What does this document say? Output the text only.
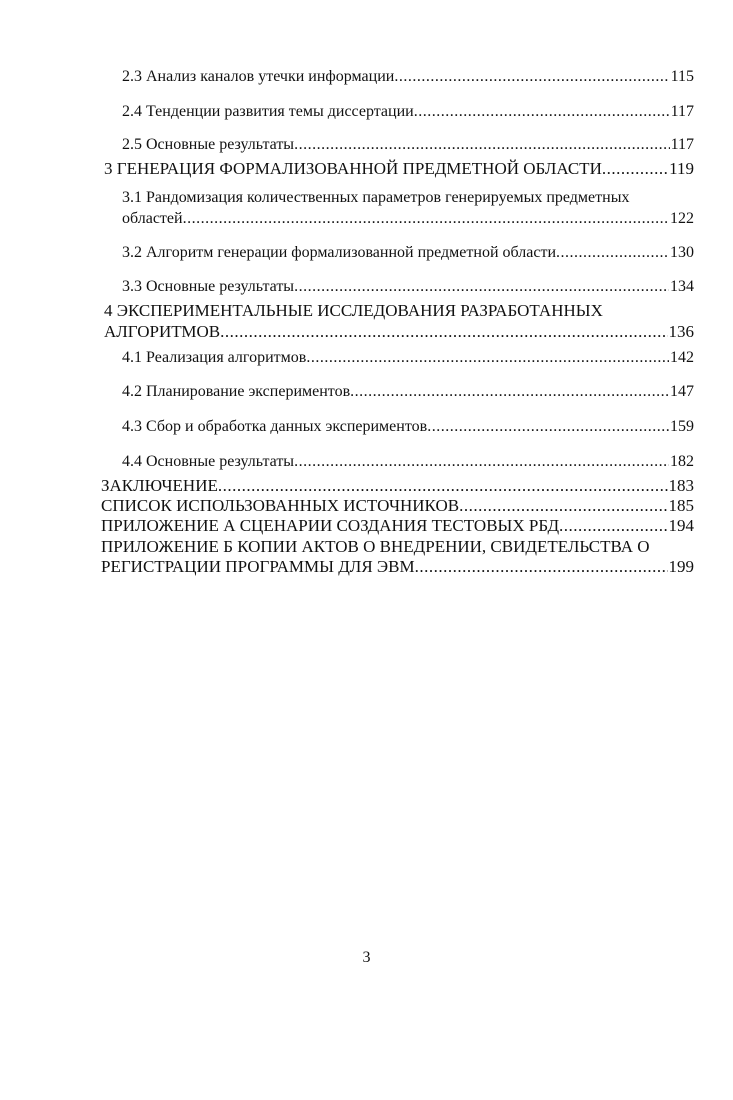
2.3 Анализ каналов утечки информации .....	115
2.4 Тенденции развития темы диссертации .....	117
2.5 Основные результаты .....	117
3 ГЕНЕРАЦИЯ ФОРМАЛИЗОВАННОЙ ПРЕДМЕТНОЙ ОБЛАСТИ .....	119
3.1 Рандомизация количественных параметров генерируемых предметных
областей .....	122
3.2 Алгоритм генерации формализованной предметной области .....	130
3.3 Основные результаты .....	134
4 ЭКСПЕРИМЕНТАЛЬНЫЕ ИССЛЕДОВАНИЯ РАЗРАБОТАННЫХ
АЛГОРИТМОВ .....	136
4.1 Реализация алгоритмов .....	142
4.2 Планирование экспериментов .....	147
4.3 Сбор и обработка данных экспериментов .....	159
4.4 Основные результаты .....	182
ЗАКЛЮЧЕНИЕ .....	183
СПИСОК ИСПОЛЬЗОВАННЫХ ИСТОЧНИКОВ .....	185
ПРИЛОЖЕНИЕ А СЦЕНАРИИ СОЗДАНИЯ ТЕСТОВЫХ РБД .....	194
ПРИЛОЖЕНИЕ Б КОПИИ АКТОВ О ВНЕДРЕНИИ, СВИДЕТЕЛЬСТВА О
РЕГИСТРАЦИИ ПРОГРАММЫ ДЛЯ ЭВМ .....	199
3
